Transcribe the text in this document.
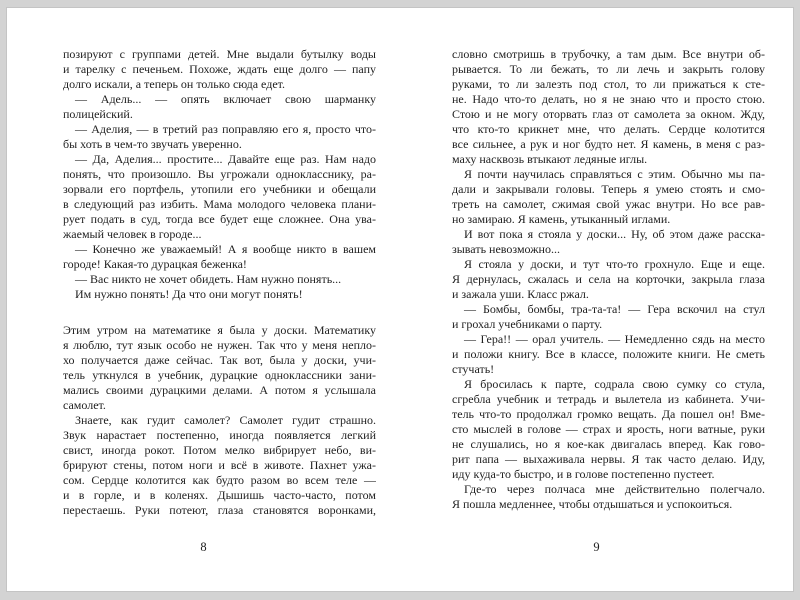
позируют с группами детей. Мне выдали бутылку воды
и тарелку с печеньем. Похоже, ждать еще долго — папу
долго искали, а теперь он только сюда едет.
— Адель... — опять включает свою шарманку
полицейский.
— Аделия, — в третий раз поправляю его я, просто что-
бы хоть в чем-то звучать уверенно.
— Да, Аделия... простите... Давайте еще раз. Нам надо
понять, что произошло. Вы угрожали однокласснику, ра-
зорвали его портфель, утопили его учебники и обещали
в следующий раз избить. Мама молодого человека плани-
рует подать в суд, тогда все будет еще сложнее. Она ува-
жаемый человек в городе...
— Конечно же уважаемый! А я вообще никто в вашем
городе! Какая-то дурацкая беженка!
— Вас никто не хочет обидеть. Нам нужно понять...
Им нужно понять! Да что они могут понять!
Этим утром на математике я была у доски. Математику
я люблю, тут язык особо не нужен. Так что у меня непло-
хо получается даже сейчас. Так вот, была у доски, учи-
тель уткнулся в учебник, дурацкие одноклассники зани-
мались своими дурацкими делами. А потом я услышала
самолет.
Знаете, как гудит самолет? Самолет гудит страшно.
Звук нарастает постепенно, иногда появляется легкий
свист, иногда рокот. Потом мелко вибрирует небо, ви-
брируют стены, потом ноги и всё в животе. Пахнет ужа-
сом. Сердце колотится как будто разом во всем теле —
и в горле, и в коленях. Дышишь часто-часто, потом
перестаешь. Руки потеют, глаза становятся воронками,
8
словно смотришь в трубочку, а там дым. Все внутри об-
рывается. То ли бежать, то ли лечь и закрыть голову
руками, то ли залезть под стол, то ли прижаться к сте-
не. Надо что-то делать, но я не знаю что и просто стою.
Стою и не могу оторвать глаз от самолета за окном. Жду,
что кто-то крикнет мне, что делать. Сердце колотится
все сильнее, а рук и ног будто нет. Я камень, в меня с раз-
маху насквозь втыкают ледяные иглы.
Я почти научилась справляться с этим. Обычно мы па-
дали и закрывали головы. Теперь я умею стоять и смо-
треть на самолет, сжимая свой ужас внутри. Но все рав-
но замираю. Я камень, утыканный иглами.
И вот пока я стояла у доски... Ну, об этом даже расска-
зывать невозможно...
Я стояла у доски, и тут что-то грохнуло. Еще и еще.
Я дернулась, сжалась и села на корточки, закрыла глаза
и зажала уши. Класс ржал.
— Бомбы, бомбы, тра-та-та! — Гера вскочил на стул
и грохал учебниками о парту.
— Гера!! — орал учитель. — Немедленно сядь на место
и положи книгу. Все в классе, положите книги. Не сметь
стучать!
Я бросилась к парте, содрала свою сумку со стула,
сгребла учебник и тетрадь и вылетела из кабинета. Учи-
тель что-то продолжал громко вещать. Да пошел он! Вме-
сто мыслей в голове — страх и ярость, ноги ватные, руки
не слушались, но я кое-как двигалась вперед. Как гово-
рит папа — выхаживала нервы. Я так часто делаю. Иду,
иду куда-то быстро, и в голове постепенно пустеет.
Где-то через полчаса мне действительно полегчало.
Я пошла медленнее, чтобы отдышаться и успокоиться.
9
